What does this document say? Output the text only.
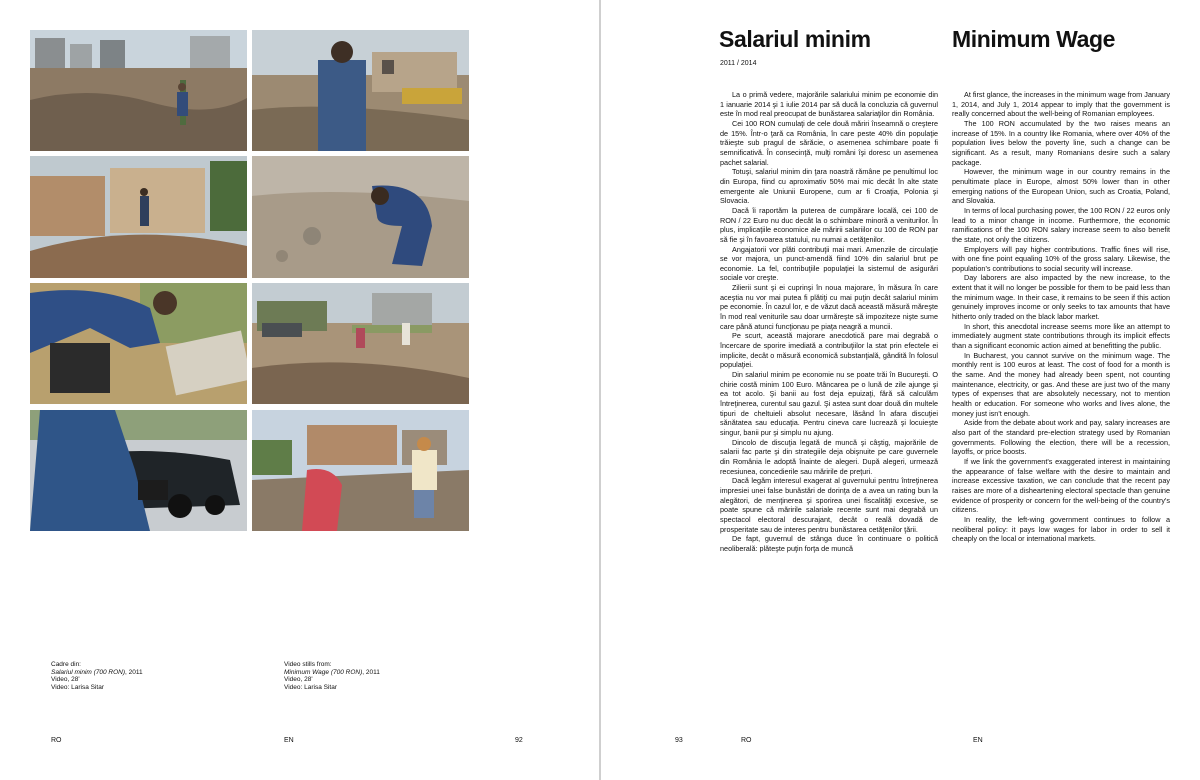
Cadre din:
Salariul minim (700 RON), 2011
Video, 28'
Video: Larisa Sitar
Video stills from:
Minimum Wage (700 RON), 2011
Video, 28'
Video: Larisa Sitar
RO	EN	92
Salariul minim	Minimum Wage
2011 / 2014

La o primă vedere, majorările salariului minim pe economie din 1 ianuarie 2014 şi 1 iulie 2014 par să ducă la concluzia că guvernul este în mod real preocupat de bunăstarea salariaţilor din România.

Cei 100 RON cumulaţi de cele două măriri înseamnă o creştere de 15%. Într-o ţară ca România, în care peste 40% din populaţie trăieşte sub pragul de sărăcie, o asemenea schimbare poate fi semnificativă. În consecinţă, mulţi români îşi doresc un asemenea pachet salarial.

Totuşi, salariul minim din ţara noastră rămâne pe penultimul loc din Europa, fiind cu aproximativ 50% mai mic decât în alte state emergente ale Uniunii Europene, cum ar fi Croaţia, Polonia şi Slovacia.

Dacă îi raportăm la puterea de cumpărare locală, cei 100 de RON / 22 Euro nu duc decât la o schimbare minoră a veniturilor. În plus, implicaţiile economice ale măririi salariilor cu 100 de RON par să fie şi în favoarea statului, nu numai a cetăţenilor.

Angajatorii vor plăti contribuţii mai mari. Amenzile de circulaţie se vor majora, un punct-amendă fiind 10% din salariul brut pe economie. La fel, contribuţiile populaţiei la sistemul de asigurări sociale vor creşte.

Zilierii sunt şi ei cuprinşi în noua majorare, în măsura în care aceştia nu vor mai putea fi plătiţi cu mai puţin decât salariul minim pe economie. În cazul lor, e de văzut dacă această măsură măreşte în mod real veniturile sau doar urmăreşte să impoziteze nişte sume care până atunci funcţionau pe piaţa neagră a muncii.

Pe scurt, această majorare anecdotică pare mai degrabă o încercare de sporire imediată a contribuţiilor la stat prin efectele ei implicite, decât o măsură economică substanţială, gândită în folosul populaţiei.

Din salariul minim pe economie nu se poate trăi în Bucureşti. O chirie costă minim 100 Euro. Mâncarea pe o lună de zile ajunge şi ea tot acolo. Şi banii au fost deja epuizaţi, fără să calculăm întreţinerea, curentul sau gazul. Şi astea sunt doar două din multele tipuri de cheltuieli absolut necesare, lăsând în afara discuţiei sănătatea sau educaţia. Pentru cineva care lucrează şi locuieşte singur, banii pur şi simplu nu ajung.

Dincolo de discuţia legată de muncă şi câştig, majorările de salarii fac parte şi din strategiile deja obişnuite pe care guvernele din România le adoptă înainte de alegeri. După alegeri, urmează recesiunea, concedierile sau măririle de preţuri.

Dacă legăm interesul exagerat al guvernului pentru întreţinerea impresiei unei false bunăstări de dorinţa de a avea un rating bun la alegători, de menţinerea şi sporirea unei fiscalităţi excesive, se poate spune că măririle salariale recente sunt mai degrabă un spectacol electoral descurajant, decât o reală dovadă de prosperitate sau de interes pentru bunăstarea cetăţenilor ţării.

De fapt, guvernul de stânga duce în continuare o politică neoliberală: plăteşte puţin forţa de muncă

At first glance, the increases in the minimum wage from January 1, 2014, and July 1, 2014 appear to imply that the government is really concerned about the well-being of Romanian employees.

The 100 RON accumulated by the two raises means an increase of 15%. In a country like Romania, where over 40% of the population lives below the poverty line, such a change can be significant. As a result, many Romanians desire such a salary package.

However, the minimum wage in our country remains in the penultimate place in Europe, almost 50% lower than in other emerging nations of the European Union, such as Croatia, Poland, and Slovakia.

In terms of local purchasing power, the 100 RON / 22 euros only lead to a minor change in income. Furthermore, the economic ramifications of the 100 RON salary increase seem to also benefit the state, not only the citizens.

Employers will pay higher contributions. Traffic fines will rise, with one fine point equaling 10% of the gross salary. Likewise, the population's contributions to social security will increase.

Day laborers are also impacted by the new increase, to the extent that it will no longer be possible for them to be paid less than the minimum wage. In their case, it remains to be seen if this action genuinely improves income or only seeks to tax amounts that have hitherto only traded on the black labor market.

In short, this anecdotal increase seems more like an attempt to immediately augment state contributions through its implicit effects than a significant economic action aimed at benefitting the public.

In Bucharest, you cannot survive on the minimum wage. The monthly rent is 100 euros at least. The cost of food for a month is the same. And the money had already been spent, not counting maintenance, electricity, or gas. And these are just two of the many types of expenses that are absolutely necessary, not to mention health or education. For someone who works and lives alone, the money just isn't enough.

Aside from the debate about work and pay, salary increases are also part of the standard pre-election strategy used by Romanian governments. Following the election, there will be a recession, layoffs, or price boosts.

If we link the government's exaggerated interest in maintaining the appearance of false welfare with the desire to maintain and increase excessive taxation, we can conclude that the recent pay raises are more of a disheartening electoral spectacle than genuine evidence of prosperity or concern for the well-being of the country's citizens.

In reality, the left-wing government continues to follow a neoliberal policy: it pays low wages for labor in order to sell it cheaply on the local or international markets.

93	RO	EN
